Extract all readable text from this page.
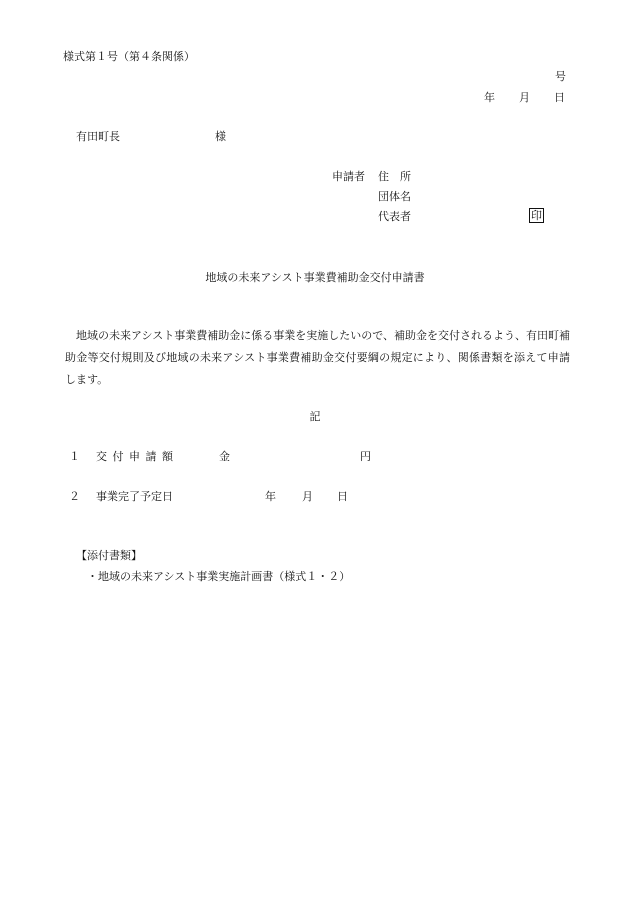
様式第１号（第４条関係）
号
年 月 日
有田町長	様
申請者 住　所
団体名
代表者	印
地域の未来アシスト事業費補助金交付申請書
地域の未来アシスト事業費補助金に係る事業を実施したいので、補助金を交付されるよう、有田町補助金等交付規則及び地域の未来アシスト事業費補助金交付要綱の規定により、関係書類を添えて申請します。
記
１ 交付申請額	金	円
２ 事業完了予定日	年 月 日
【添付書類】
・地域の未来アシスト事業実施計画書（様式１・２）
